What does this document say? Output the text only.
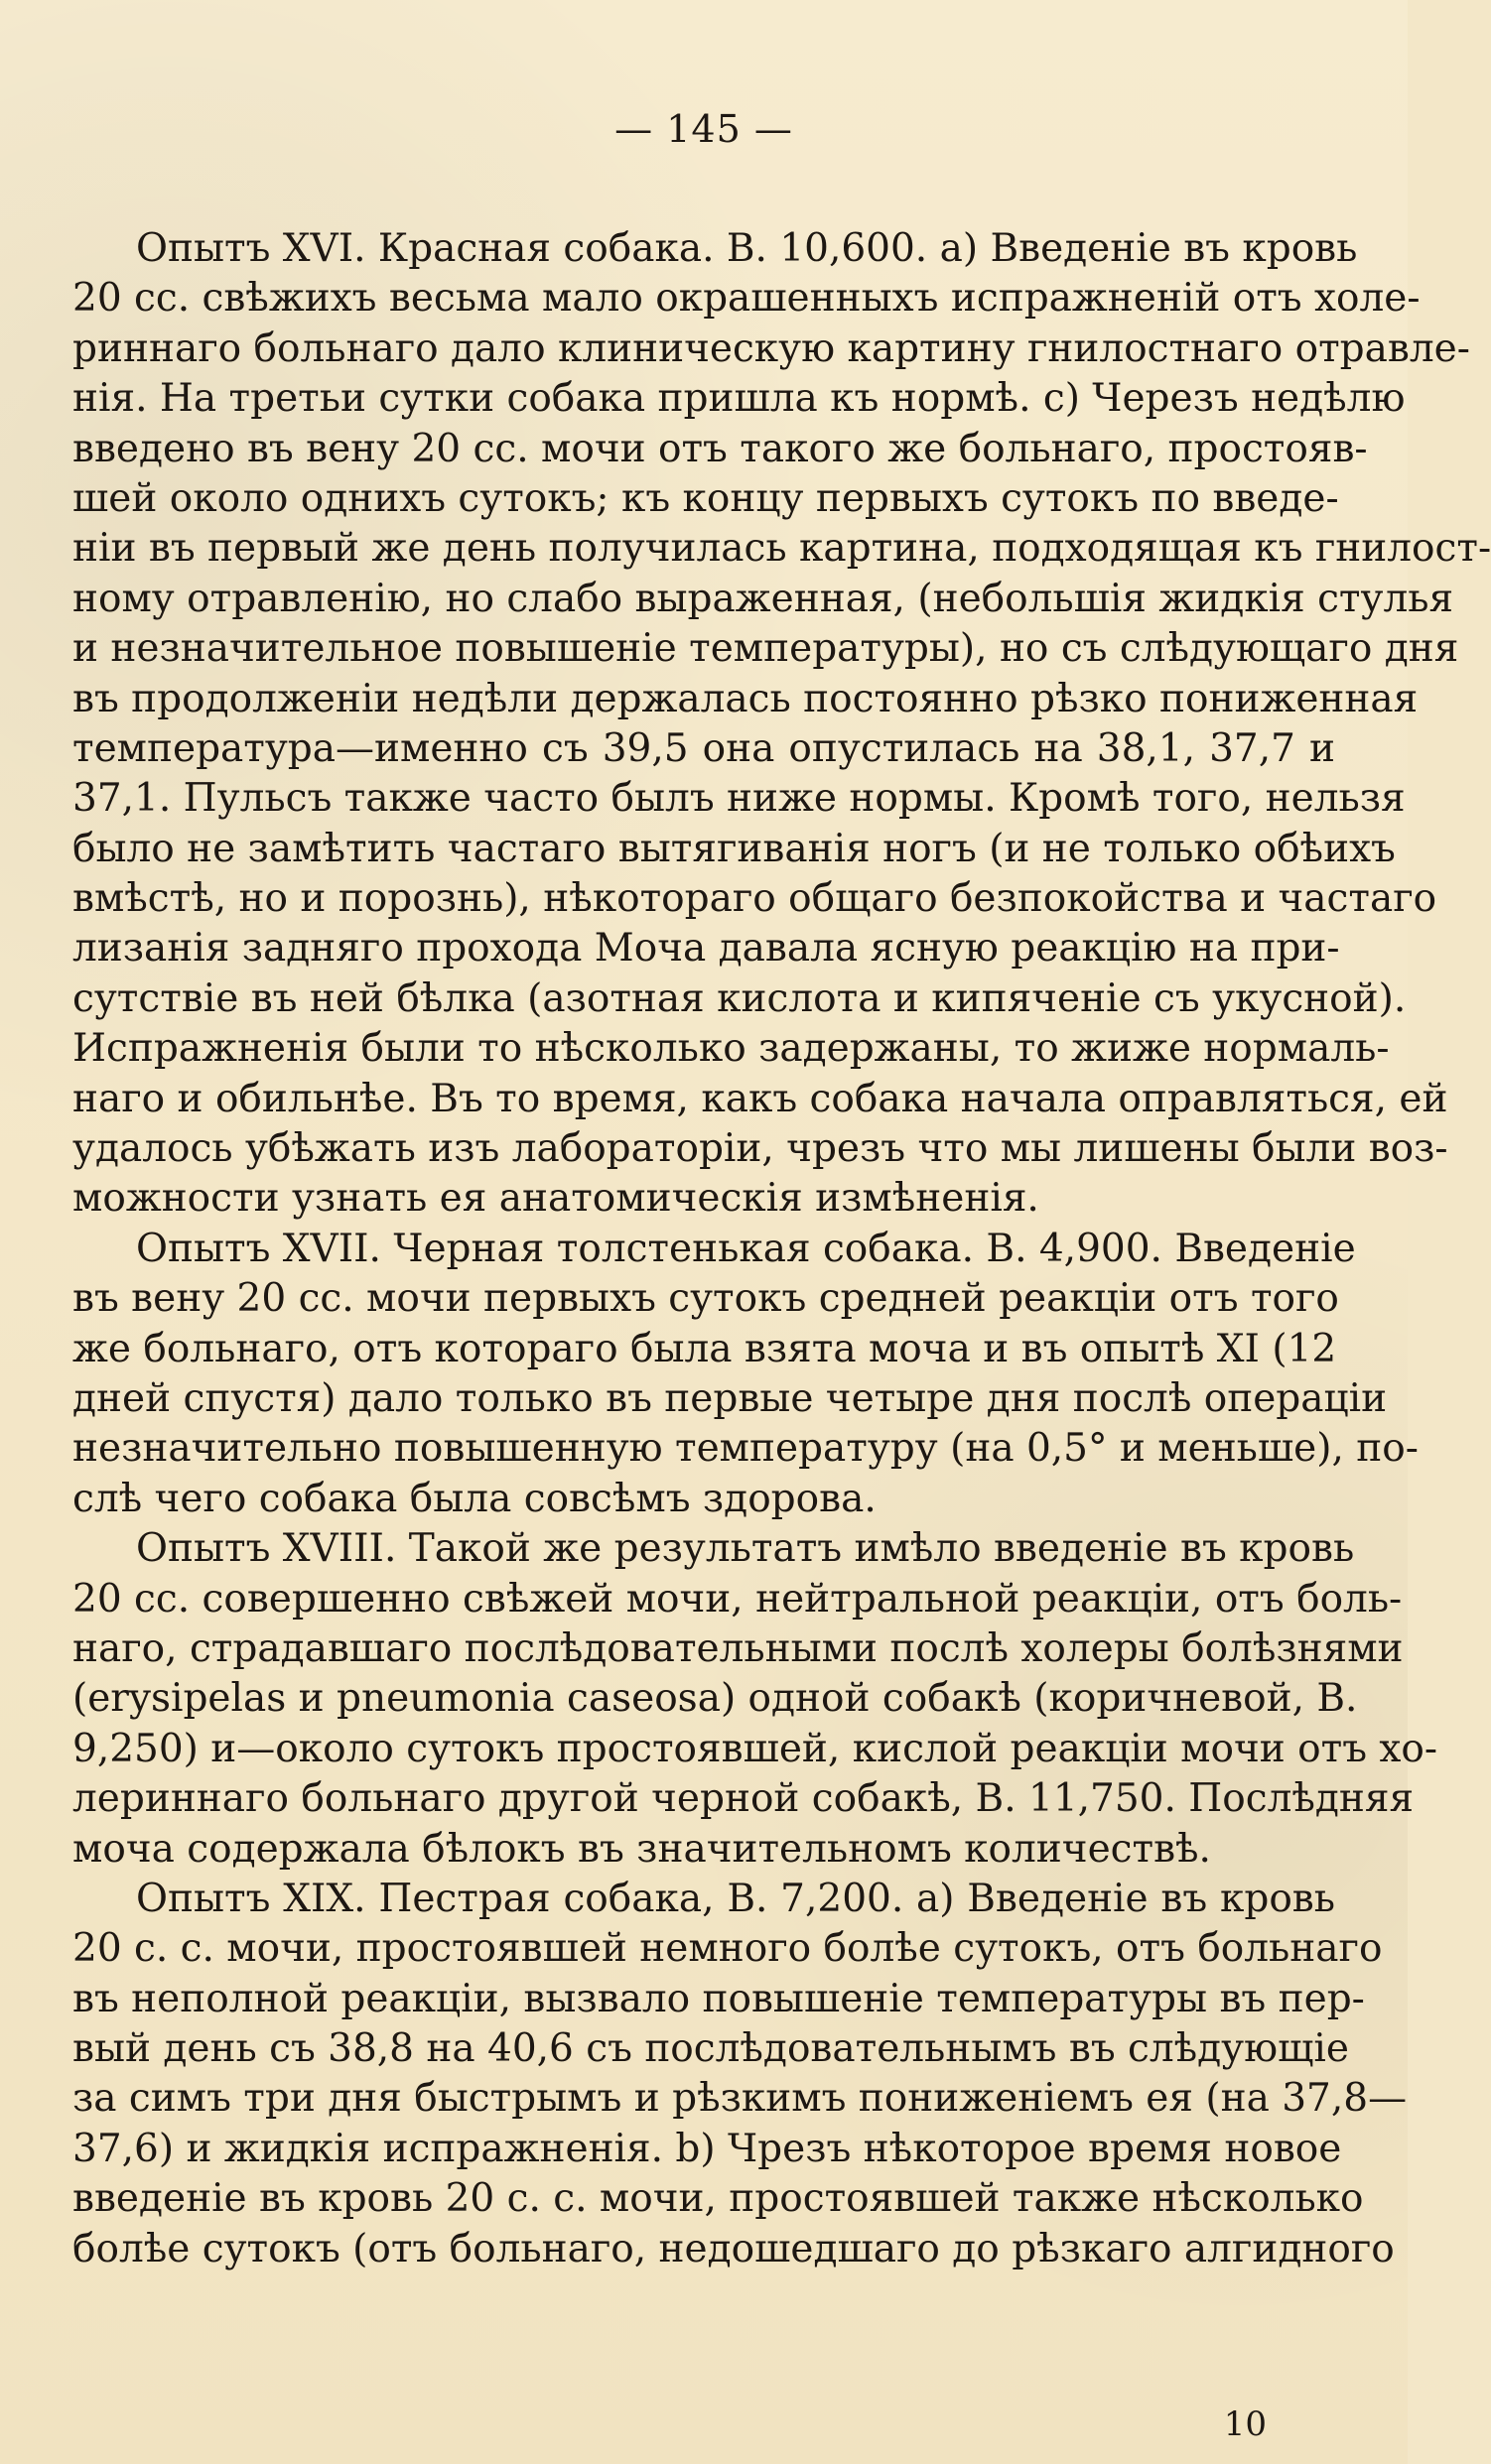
— 145 —
Опытъ XVI. Красная собака. В. 10,600. a) Введеніе въ кровь
20 сс. свѣжихъ весьма мало окрашенныхъ испражненій отъ холе-
риннаго больнаго дало клиническую картину гнилостнаго отравле-
нія. На третьи сутки собака пришла къ нормѣ. c) Черезъ недѣлю
введено въ вену 20 сс. мочи отъ такого же больнаго, простояв-
шей около однихъ сутокъ; къ концу первыхъ сутокъ по введе-
ніи въ первый же день получилась картина, подходящая къ гнилост-
ному отравленію, но слабо выраженная, (небольшія жидкія стулья
и незначительное повышеніе температуры), но съ слѣдующаго дня
въ продолженіи недѣли держалась постоянно рѣзко пониженная
температура—именно съ 39,5 она опустилась на 38,1, 37,7 и
37,1. Пульсъ также часто былъ ниже нормы. Кромѣ того, нельзя
было не замѣтить частаго вытягиванія ногъ (и не только обѣихъ
вмѣстѣ, но и порознь), нѣкотораго общаго безпокойства и частаго
лизанія задняго прохода Моча давала ясную реакцію на при-
сутствіе въ ней бѣлка (азотная кислота и кипяченіе съ укусной).
Испражненія были то нѣсколько задержаны, то жиже нормаль-
наго и обильнѣе. Въ то время, какъ собака начала оправляться, ей
удалось убѣжать изъ лабораторіи, чрезъ что мы лишены были воз-
можности узнать ея анатомическія измѣненія.
Опытъ XVII. Черная толстенькая собака. В. 4,900. Введеніе
въ вену 20 сс. мочи первыхъ сутокъ средней реакціи отъ того
же больнаго, отъ котораго была взята моча и въ опытѣ XI (12
дней спустя) дало только въ первые четыре дня послѣ операціи
незначительно повышенную температуру (на 0,5° и меньше), по-
слѣ чего собака была совсѣмъ здорова.
Опытъ XVIII. Такой же результатъ имѣло введеніе въ кровь
20 сс. совершенно свѣжей мочи, нейтральной реакціи, отъ боль-
наго, страдавшаго послѣдовательными послѣ холеры болѣзнями
(erysipelas и pneumonia caseosa) одной собакѣ (коричневой, В.
9,250) и—около сутокъ простоявшей, кислой реакціи мочи отъ хо-
лериннаго больнаго другой черной собакѣ, В. 11,750. Послѣдняя
моча содержала бѣлокъ въ значительномъ количествѣ.
Опытъ XIX. Пестрая собака, В. 7,200. a) Введеніе въ кровь
20 с. с. мочи, простоявшей немного болѣе сутокъ, отъ больнаго
въ неполной реакціи, вызвало повышеніе температуры въ пер-
вый день съ 38,8 на 40,6 съ послѣдовательнымъ въ слѣдующіе
за симъ три дня быстрымъ и рѣзкимъ пониженіемъ ея (на 37,8—
37,6) и жидкія испражненія. b) Чрезъ нѣкоторое время новое
введеніе въ кровь 20 с. с. мочи, простоявшей также нѣсколько
болѣе сутокъ (отъ больнаго, недошедшаго до рѣзкаго алгидного
10
